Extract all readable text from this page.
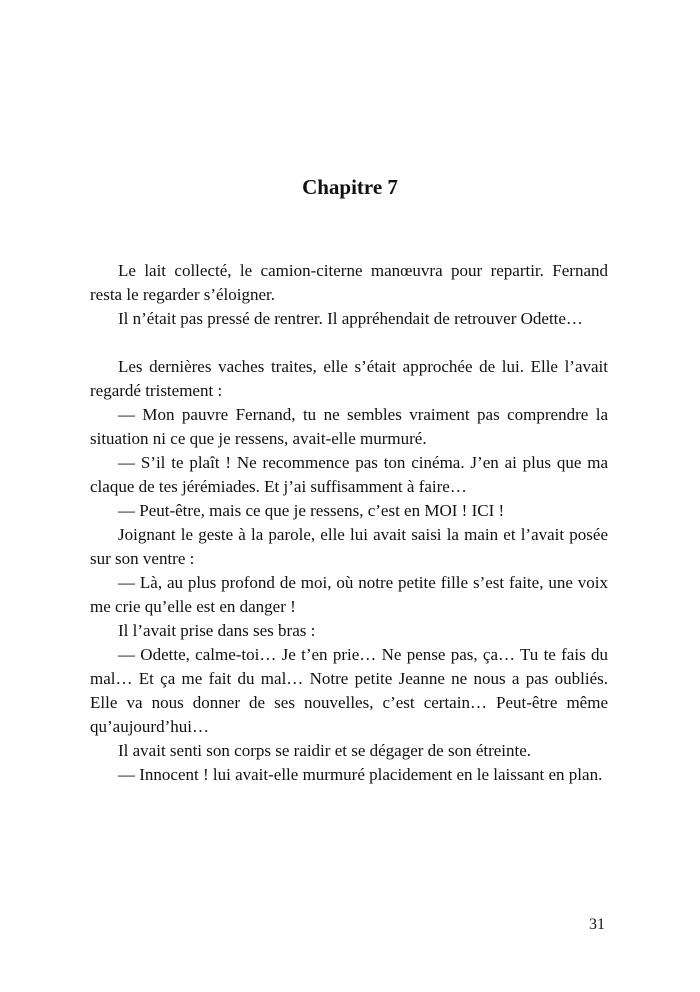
Chapitre 7

Le lait collecté, le camion-citerne manœuvra pour repartir. Fernand resta le regarder s’éloigner.

Il n’était pas pressé de rentrer. Il appréhendait de retrouver Odette…

Les dernières vaches traites, elle s’était approchée de lui. Elle l’avait regardé tristement :

— Mon pauvre Fernand, tu ne sembles vraiment pas comprendre la situation ni ce que je ressens, avait-elle murmuré.

— S’il te plaît ! Ne recommence pas ton cinéma. J’en ai plus que ma claque de tes jérémiades. Et j’ai suffisamment à faire…

— Peut-être, mais ce que je ressens, c’est en MOI ! ICI !

Joignant le geste à la parole, elle lui avait saisi la main et l’avait posée sur son ventre :

— Là, au plus profond de moi, où notre petite fille s’est faite, une voix me crie qu’elle est en danger !

Il l’avait prise dans ses bras :

— Odette, calme-toi… Je t’en prie… Ne pense pas, ça… Tu te fais du mal… Et ça me fait du mal… Notre petite Jeanne ne nous a pas oubliés. Elle va nous donner de ses nouvelles, c’est certain… Peut-être même qu’aujourd’hui…

Il avait senti son corps se raidir et se dégager de son étreinte.

— Innocent ! lui avait-elle murmuré placidement en le laissant en plan.

31
